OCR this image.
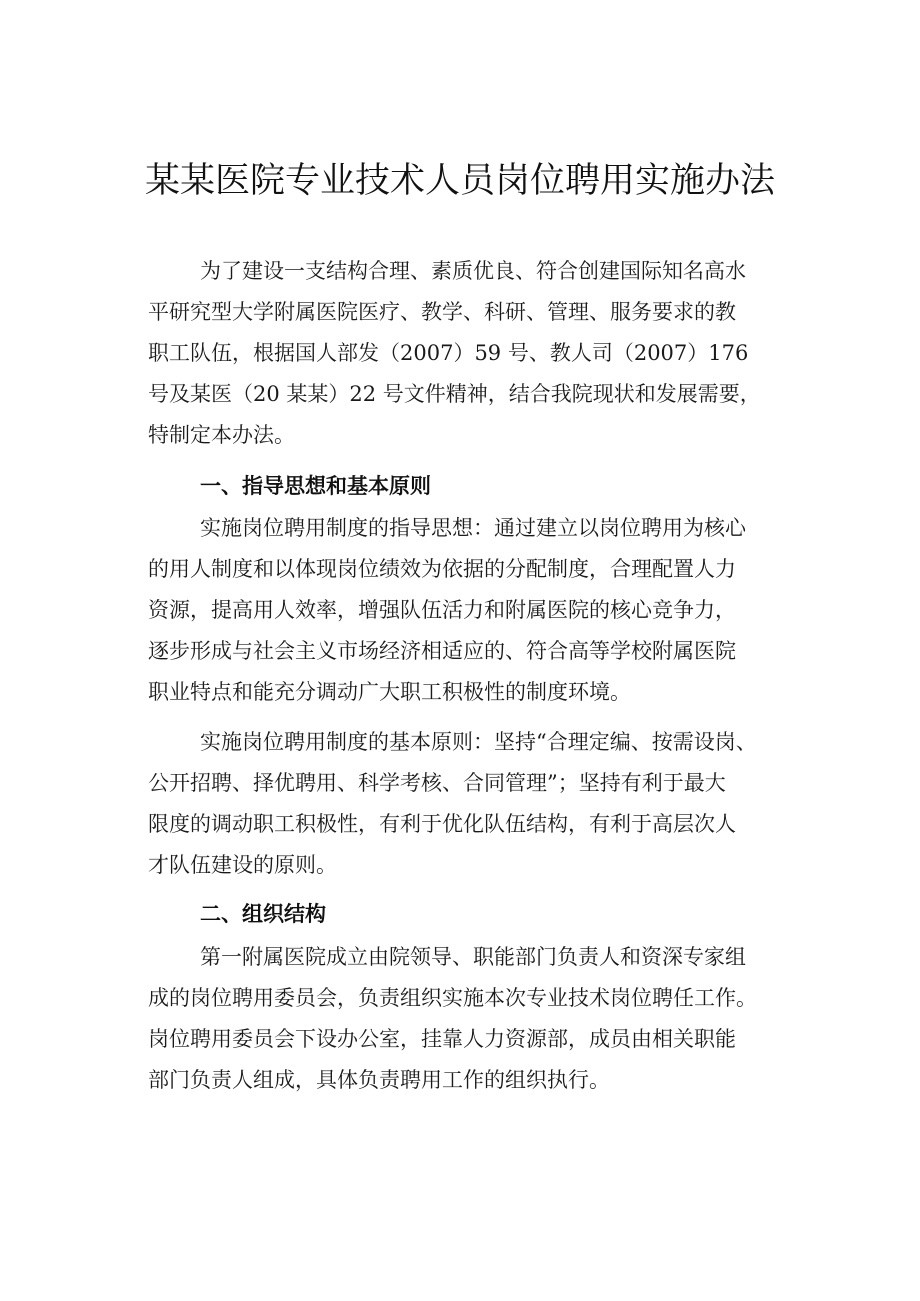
某某医院专业技术人员岗位聘用实施办法
为了建设一支结构合理、素质优良、符合创建国际知名高水
平研究型大学附属医院医疗、教学、科研、管理、服务要求的教
职工队伍，根据国人部发（2007）59 号、教人司（2007）176
号及某医（20 某某）22 号文件精神，结合我院现状和发展需要，
特制定本办法。
一、指导思想和基本原则
实施岗位聘用制度的指导思想：通过建立以岗位聘用为核心
的用人制度和以体现岗位绩效为依据的分配制度，合理配置人力
资源，提高用人效率，增强队伍活力和附属医院的核心竞争力，
逐步形成与社会主义市场经济相适应的、符合高等学校附属医院
职业特点和能充分调动广大职工积极性的制度环境。
实施岗位聘用制度的基本原则：坚持“合理定编、按需设岗、
公开招聘、择优聘用、科学考核、合同管理”；坚持有利于最大
限度的调动职工积极性，有利于优化队伍结构，有利于高层次人
才队伍建设的原则。
二、组织结构
第一附属医院成立由院领导、职能部门负责人和资深专家组
成的岗位聘用委员会，负责组织实施本次专业技术岗位聘任工作。
岗位聘用委员会下设办公室，挂靠人力资源部，成员由相关职能
部门负责人组成，具体负责聘用工作的组织执行。
